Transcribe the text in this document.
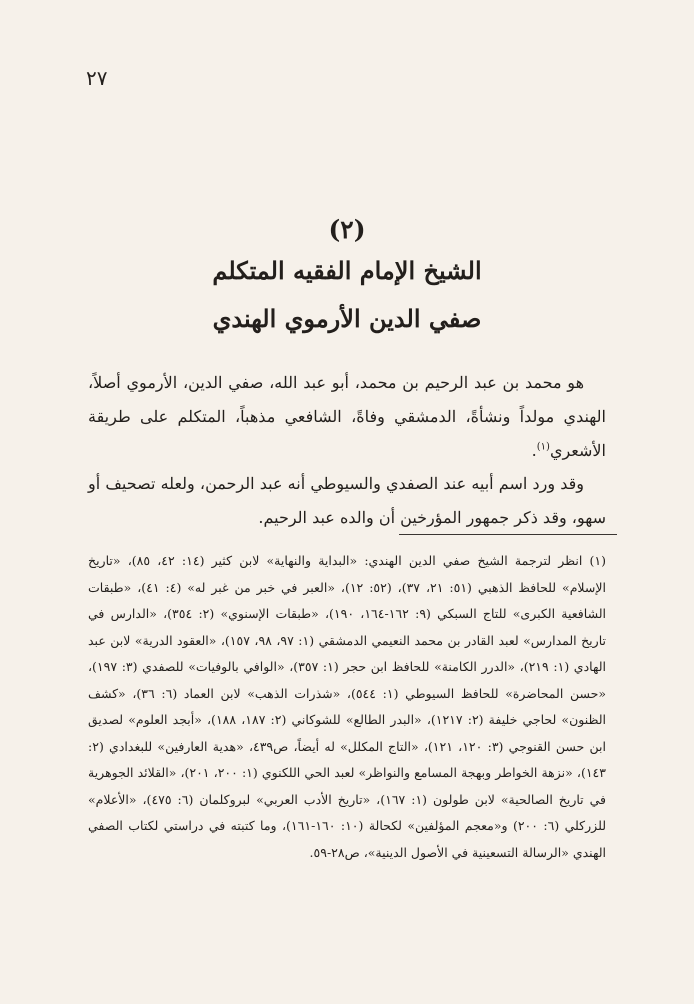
٢٧
(٢)
الشيخ الإمام الفقيه المتكلم
صفي الدين الأرموي الهندي
هو محمد بن عبد الرحيم بن محمد، أبو عبد الله، صفي الدين، الأرموي أصلاً، الهندي مولداً ونشأةً، الدمشقي وفاةً، الشافعي مذهباً، المتكلم على طريقة الأشعري$^{(١)}$.
وقد ورد اسم أبيه عند الصفدي والسيوطي أنه عبد الرحمن، ولعله تصحيف أو سهو، وقد ذكر جمهور المؤرخين أن والده عبد الرحيم.
(١) انظر لترجمة الشيخ صفي الدين الهندي: «البداية والنهاية» لابن كثير (١٤: ٤٢، ٨٥)، «تاريخ الإسلام» للحافظ الذهبي (٥١: ٢١، ٣٧)، (٥٢: ١٢)، «العبر في خبر من غبر له» (٤: ٤١)، «طبقات الشافعية الكبرى» للتاج السبكي (٩: ١٦٢-١٦٤، ١٩٠)، «طبقات الإسنوي» (٢: ٣٥٤)، «الدارس في تاريخ المدارس» لعبد القادر بن محمد النعيمي الدمشقي (١: ٩٧، ٩٨، ١٥٧)، «العقود الدرية» لابن عبد الهادي (١: ٢١٩)، «الدرر الكامنة» للحافظ ابن حجر (١: ٣٥٧)، «الوافي بالوفيات» للصفدي (٣: ١٩٧)، «حسن المحاضرة» للحافظ السيوطي (١: ٥٤٤)، «شذرات الذهب» لابن العماد (٦: ٣٦)، «كشف الظنون» لحاجي خليفة (٢: ١٢١٧)، «البدر الطالع» للشوكاني (٢: ١٨٧، ١٨٨)، «أبجد العلوم» لصديق ابن حسن القنوجي (٣: ١٢٠، ١٢١)، «التاج المكلل» له أيضاً، ص٤٣٩، «هدية العارفين» للبغدادي (٢: ١٤٣)، «نزهة الخواطر وبهجة المسامع والنواظر» لعبد الحي اللكنوي (١: ٢٠٠، ٢٠١)، «القلائد الجوهرية في تاريخ الصالحية» لابن طولون (١: ١٦٧)، «تاريخ الأدب العربي» لبروكلمان (٦: ٤٧٥)، «الأعلام» للزركلي (٦: ٢٠٠) و«معجم المؤلفين» لكحالة (١٠: ١٦٠-١٦١)، وما كتبته في دراستي لكتاب الصفي الهندي «الرسالة التسعينية في الأصول الدينية»، ص٢٨-٥٩.
